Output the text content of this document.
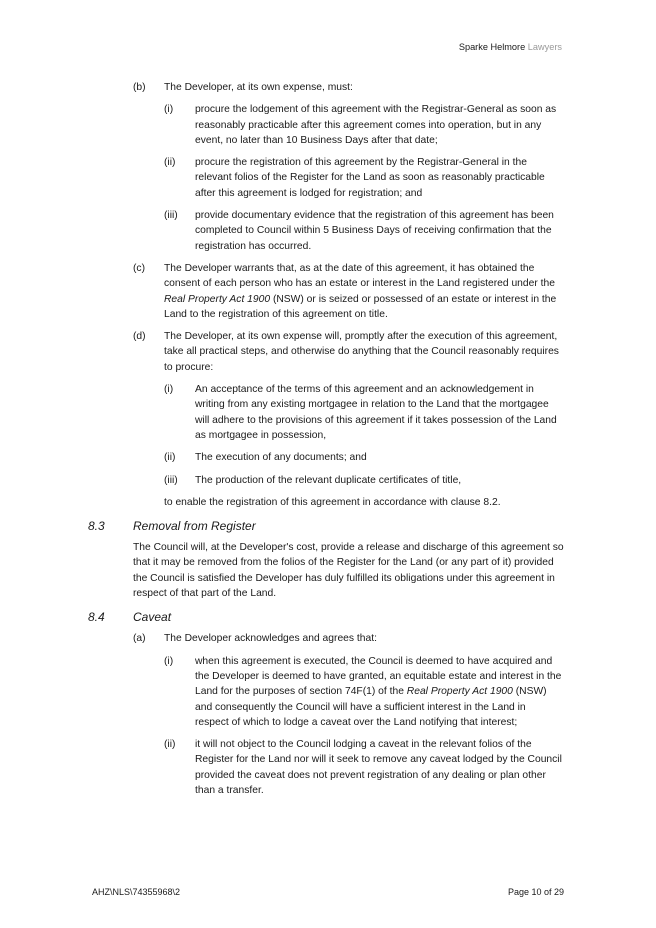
Sparke Helmore Lawyers
(b) The Developer, at its own expense, must:
(i) procure the lodgement of this agreement with the Registrar-General as soon as reasonably practicable after this agreement comes into operation, but in any event, no later than 10 Business Days after that date;
(ii) procure the registration of this agreement by the Registrar-General in the relevant folios of the Register for the Land as soon as reasonably practicable after this agreement is lodged for registration; and
(iii) provide documentary evidence that the registration of this agreement has been completed to Council within 5 Business Days of receiving confirmation that the registration has occurred.
(c) The Developer warrants that, as at the date of this agreement, it has obtained the consent of each person who has an estate or interest in the Land registered under the Real Property Act 1900 (NSW) or is seized or possessed of an estate or interest in the Land to the registration of this agreement on title.
(d) The Developer, at its own expense will, promptly after the execution of this agreement, take all practical steps, and otherwise do anything that the Council reasonably requires to procure:
(i) An acceptance of the terms of this agreement and an acknowledgement in writing from any existing mortgagee in relation to the Land that the mortgagee will adhere to the provisions of this agreement if it takes possession of the Land as mortgagee in possession,
(ii) The execution of any documents; and
(iii) The production of the relevant duplicate certificates of title,
to enable the registration of this agreement in accordance with clause 8.2.
8.3 Removal from Register
The Council will, at the Developer's cost, provide a release and discharge of this agreement so that it may be removed from the folios of the Register for the Land (or any part of it) provided the Council is satisfied the Developer has duly fulfilled its obligations under this agreement in respect of that part of the Land.
8.4 Caveat
(a) The Developer acknowledges and agrees that:
(i) when this agreement is executed, the Council is deemed to have acquired and the Developer is deemed to have granted, an equitable estate and interest in the Land for the purposes of section 74F(1) of the Real Property Act 1900 (NSW) and consequently the Council will have a sufficient interest in the Land in respect of which to lodge a caveat over the Land notifying that interest;
(ii) it will not object to the Council lodging a caveat in the relevant folios of the Register for the Land nor will it seek to remove any caveat lodged by the Council provided the caveat does not prevent registration of any dealing or plan other than a transfer.
AHZ\NLS\74355968\2	Page 10 of 29
